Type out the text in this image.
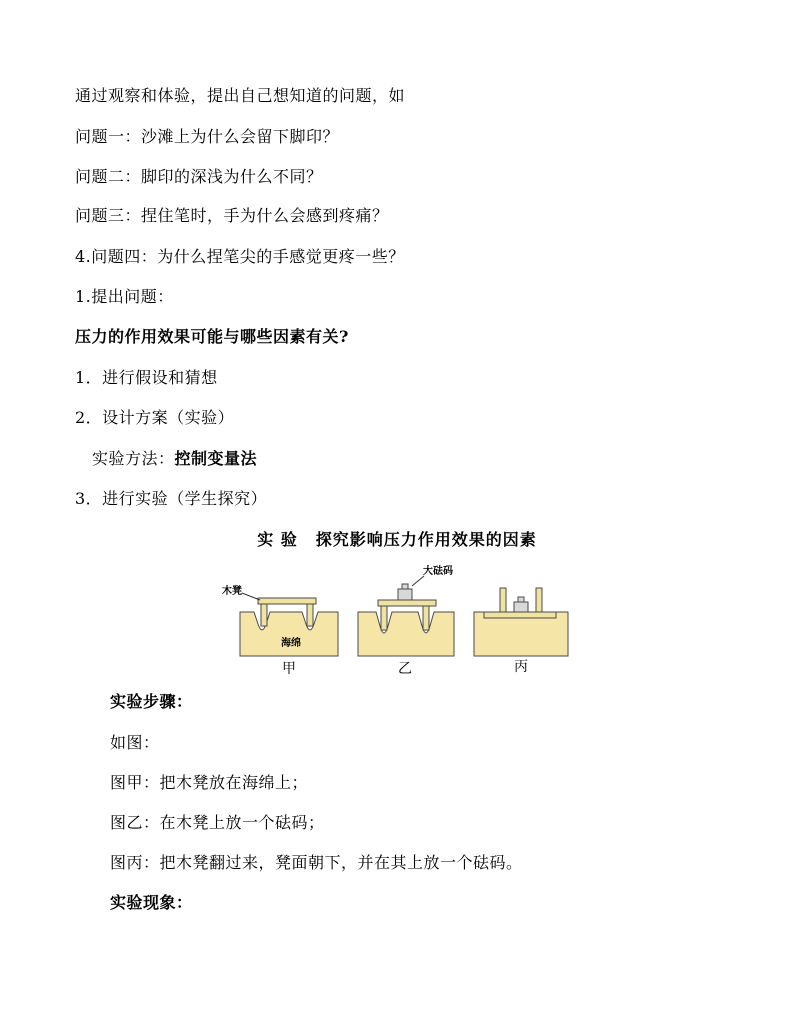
通过观察和体验，提出自己想知道的问题，如
问题一：沙滩上为什么会留下脚印？
问题二：脚印的深浅为什么不同？
问题三：捏住笔时，手为什么会感到疼痛？
4.问题四：为什么捏笔尖的手感觉更疼一些？
1.提出问题：
压力的作用效果可能与哪些因素有关?
1．进行假设和猜想
2．设计方案（实验）
实验方法：控制变量法
3．进行实验（学生探究）
实 验 探究影响压力作用效果的因素
木凳
海绵
甲
大砝码
乙	丙
实验步骤：
如图：
图甲：把木凳放在海绵上；
图乙：在木凳上放一个砝码；
图丙：把木凳翻过来，凳面朝下，并在其上放一个砝码。
实验现象：
